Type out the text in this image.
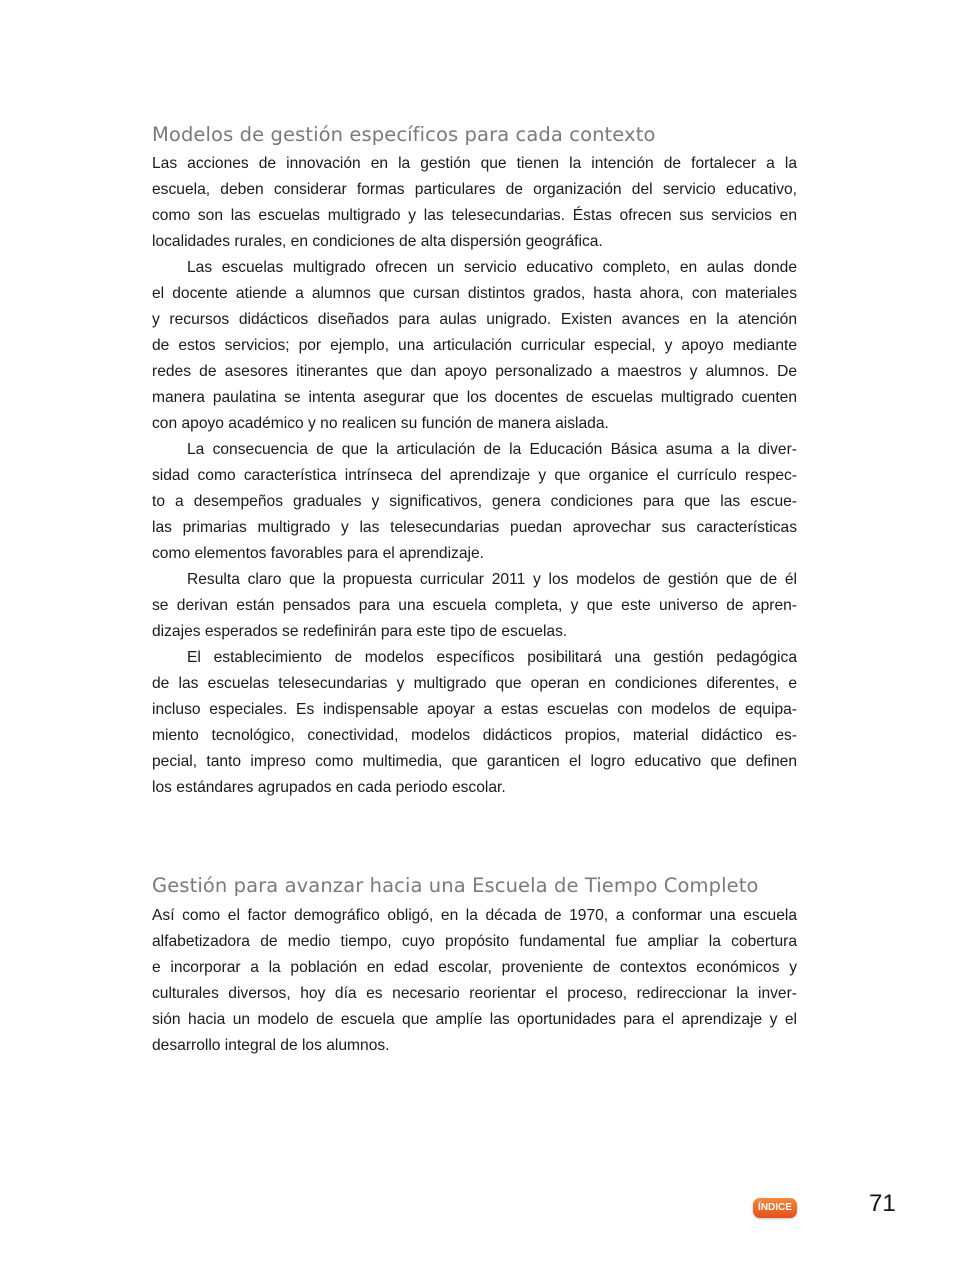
Modelos de gestión específicos para cada contexto
Las acciones de innovación en la gestión que tienen la intención de fortalecer a la
escuela, deben considerar formas particulares de organización del servicio educativo,
como son las escuelas multigrado y las telesecundarias. Éstas ofrecen sus servicios en
localidades rurales, en condiciones de alta dispersión geográfica.
Las escuelas multigrado ofrecen un servicio educativo completo, en aulas donde
el docente atiende a alumnos que cursan distintos grados, hasta ahora, con materiales
y recursos didácticos diseñados para aulas unigrado. Existen avances en la atención
de estos servicios; por ejemplo, una articulación curricular especial, y apoyo mediante
redes de asesores itinerantes que dan apoyo personalizado a maestros y alumnos. De
manera paulatina se intenta asegurar que los docentes de escuelas multigrado cuenten
con apoyo académico y no realicen su función de manera aislada.
La consecuencia de que la articulación de la Educación Básica asuma a la diver-
sidad como característica intrínseca del aprendizaje y que organice el currículo respec-
to a desempeños graduales y significativos, genera condiciones para que las escue-
las primarias multigrado y las telesecundarias puedan aprovechar sus características
como elementos favorables para el aprendizaje.
Resulta claro que la propuesta curricular 2011 y los modelos de gestión que de él
se derivan están pensados para una escuela completa, y que este universo de apren-
dizajes esperados se redefinirán para este tipo de escuelas.
El establecimiento de modelos específicos posibilitará una gestión pedagógica
de las escuelas telesecundarias y multigrado que operan en condiciones diferentes, e
incluso especiales. Es indispensable apoyar a estas escuelas con modelos de equipa-
miento tecnológico, conectividad, modelos didácticos propios, material didáctico es-
pecial, tanto impreso como multimedia, que garanticen el logro educativo que definen
los estándares agrupados en cada periodo escolar.
Gestión para avanzar hacia una Escuela de Tiempo Completo
Así como el factor demográfico obligó, en la década de 1970, a conformar una escuela
alfabetizadora de medio tiempo, cuyo propósito fundamental fue ampliar la cobertura
e incorporar a la población en edad escolar, proveniente de contextos económicos y
culturales diversos, hoy día es necesario reorientar el proceso, redireccionar la inver-
sión hacia un modelo de escuela que amplíe las oportunidades para el aprendizaje y el
desarrollo integral de los alumnos.
ÍNDICE	71
